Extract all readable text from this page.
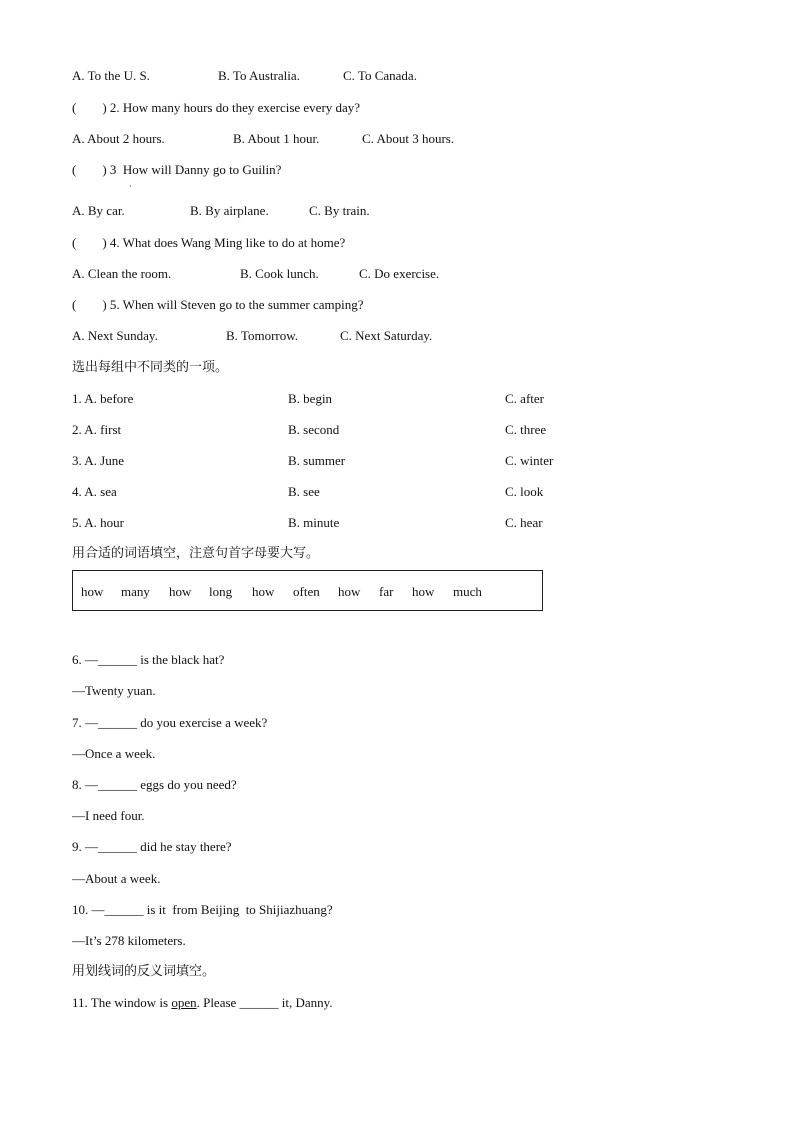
A. To the U. S.	B. To Australia.	C. To Canada.
(　　) 2. How many hours do they exercise every day?
A. About 2 hours.	B. About 1 hour.	C. About 3 hours.
(　　) 3  How will Danny go to Guilin?
·
A. By car.	B. By airplane.	C. By train.
(　　) 4. What does Wang Ming like to do at home?
A. Clean the room.	B. Cook lunch.	C. Do exercise.
(　　) 5. When will Steven go to the summer camping?
A. Next Sunday.	B. Tomorrow.	C. Next Saturday.
选出每组中不同类的一项。
1. A. before	B. begin	C. after
2. A. first	B. second	C. three
3. A. June	B. summer	C. winter
4. A. sea	B. see	C. look
5. A. hour	B. minute	C. hear
用合适的词语填空，注意句首字母要大写。
how many how long how often how far how much
6. —______ is the black hat?
—Twenty yuan.
7. —______ do you exercise a week?
—Once a week.
8. —______ eggs do you need?
—I need four.
9. —______ did he stay there?
—About a week.
10. —______ is it  from Beijing  to Shijiazhuang?
—It’s 278 kilometers.
用划线词的反义词填空。
11. The window is open. Please ______ it, Danny.
